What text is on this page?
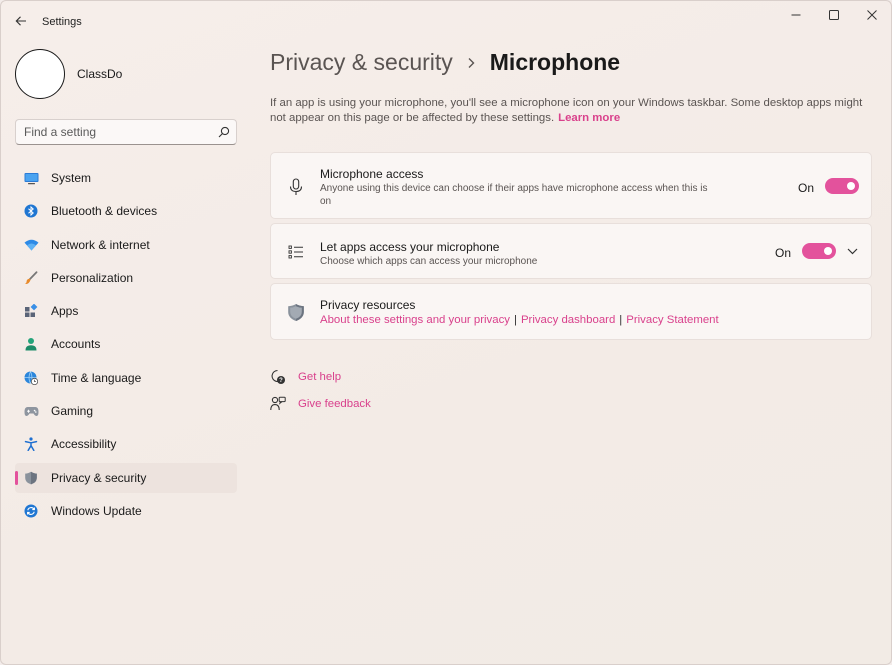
Settings
ClassDo
Find a setting
System
Bluetooth & devices
Network & internet
Personalization
Apps
Accounts
Time & language
Gaming
Accessibility
Privacy & security
Windows Update
Privacy & security Microphone
If an app is using your microphone, you'll see a microphone icon on your Windows taskbar. Some desktop apps might not appear on this page or be affected by these settings. Learn more
Microphone access
Anyone using this device can choose if their apps have microphone access when this is on
On
Let apps access your microphone
Choose which apps can access your microphone
On
Privacy resources
About these settings and your privacy | Privacy dashboard | Privacy Statement
? Get help
Give feedback
